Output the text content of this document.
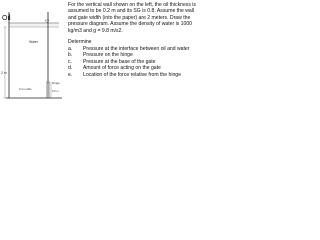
Oil
Water
2 m
Hinge
0.4 m wide
0.6 m

For the vertical wall shown on the left, the oil thickness is assumed to be 0.2 m and its SG is 0.8. Assume the wall and gate width (into the paper) are 2 meters. Draw the pressure diagram. Assume the density of water is 1000 kg/m3 and g = 9.8 m/s2.

Determine

a.	Pressure at the interface between oil and water
b.	Pressure on the hinge
c.	Pressure at the base of the gate
d.	Amount of force acting on the gate
e.	Location of the force relative from the hinge
